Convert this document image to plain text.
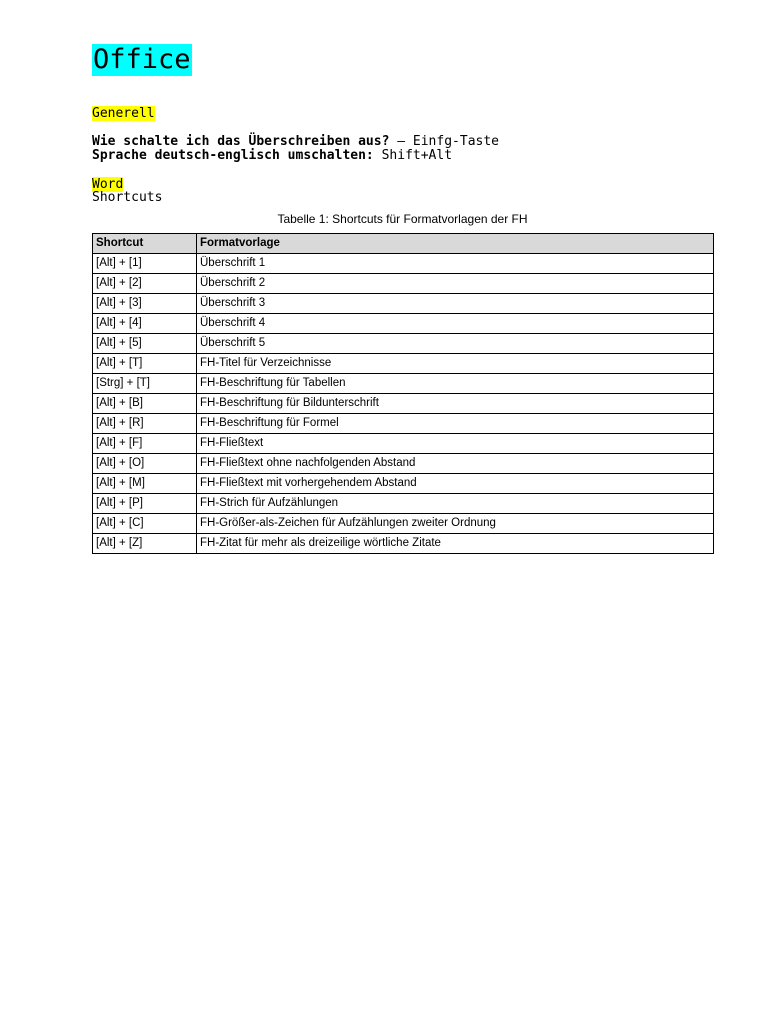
Office
Generell
Wie schalte ich das Überschreiben aus? – Einfg-Taste
Sprache deutsch-englisch umschalten: Shift+Alt
Word
Shortcuts
Tabelle 1: Shortcuts für Formatvorlagen der FH
Shortcut	Formatvorlage
[Alt] + [1]	Überschrift 1
[Alt] + [2]	Überschrift 2
[Alt] + [3]	Überschrift 3
[Alt] + [4]	Überschrift 4
[Alt] + [5]	Überschrift 5
[Alt] + [T]	FH-Titel für Verzeichnisse
[Strg] + [T]	FH-Beschriftung für Tabellen
[Alt] + [B]	FH-Beschriftung für Bildunterschrift
[Alt] + [R]	FH-Beschriftung für Formel
[Alt] + [F]	FH-Fließtext
[Alt] + [O]	FH-Fließtext ohne nachfolgenden Abstand
[Alt] + [M]	FH-Fließtext mit vorhergehendem Abstand
[Alt] + [P]	FH-Strich für Aufzählungen
[Alt] + [C]	FH-Größer-als-Zeichen für Aufzählungen zweiter Ordnung
[Alt] + [Z]	FH-Zitat für mehr als dreizeilige wörtliche Zitate
